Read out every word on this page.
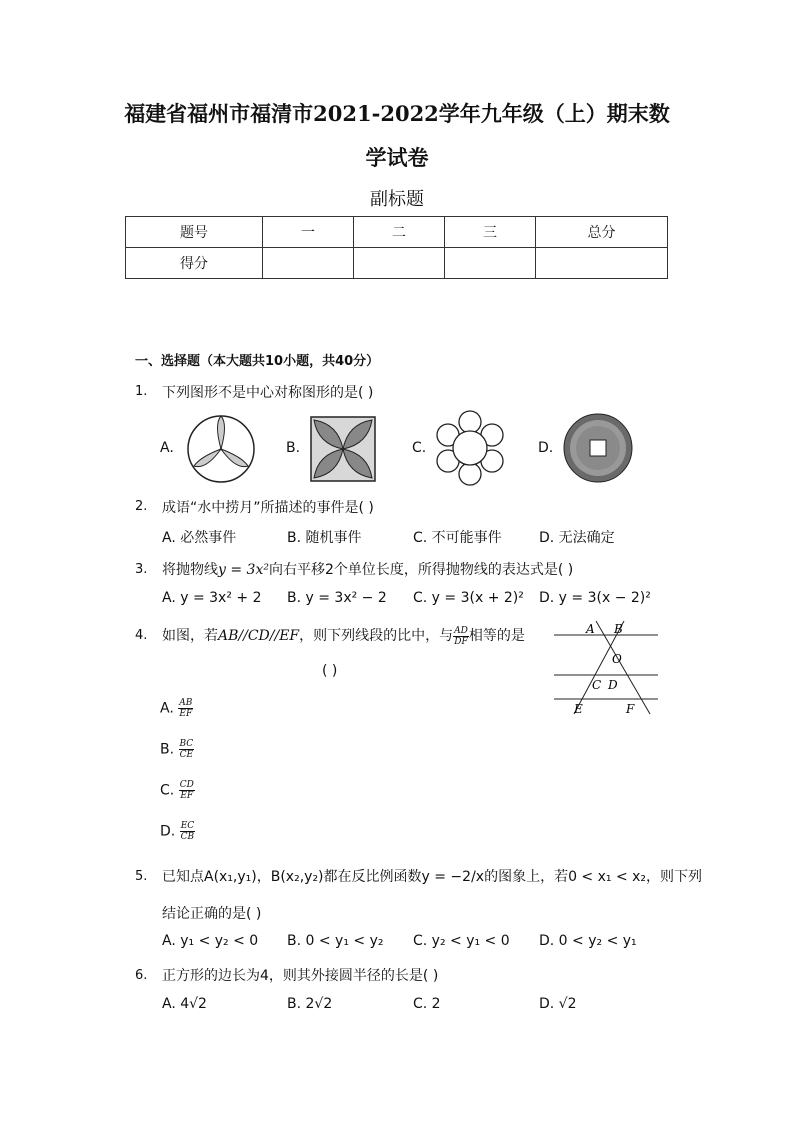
福建省福州市福清市2021-2022学年九年级（上）期末数
学试卷
副标题
题号	一	二	三	总分
得分				
一、选择题（本大题共10小题，共40分）
1. 下列图形不是中心对称图形的是( )
A.	B.	C.	D.
2. 成语“水中捞月”所描述的事件是( )
A. 必然事件	B. 随机事件	C. 不可能事件	D. 无法确定
3. 将抛物线y = 3x²向右平移2个单位长度，所得抛物线的表达式是( )
A. y = 3x² + 2 B. y = 3x² − 2 C. y = 3(x + 2)² D. y = 3(x − 2)²
4. 如图，若AB//CD//EF，则下列线段的比中，与 $\frac{AD}{DF}$ 相等的是
( )
A. $\frac{AB}{EF}$
B. $\frac{BC}{CE}$
C. $\frac{CD}{EF}$
D. $\frac{EC}{CB}$
A B
O
C D
E	F
5. 已知点A(x₁,y₁)，B(x₂,y₂)都在反比例函数y = −2/x的图象上，若0 < x₁ < x₂，则下列
结论正确的是( )
A. y₁ < y₂ < 0 B. 0 < y₁ < y₂ C. y₂ < y₁ < 0 D. 0 < y₂ < y₁
6. 正方形的边长为4，则其外接圆半径的长是( )
A. 4√2	B. 2√2	C. 2	D. √2
